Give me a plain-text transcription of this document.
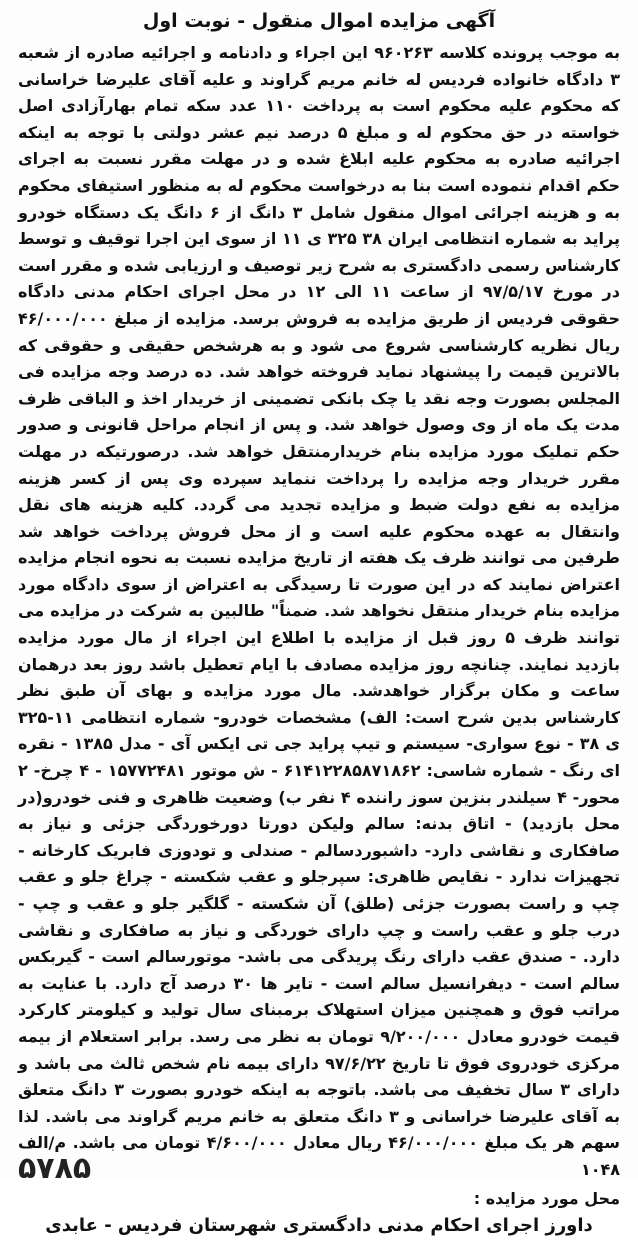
آگهی مزایده اموال منقول - نوبت اول
به موجب پرونده کلاسه ۹۶۰۲۶۳ این اجراء و دادنامه و اجرائیه صادره از شعبه ۳ دادگاه خانواده فردیس له خانم مریم گراوند و علیه آقای علیرضا خراسانی که محکوم علیه محکوم است به پرداخت ۱۱۰ عدد سکه تمام بهارآزادی اصل خواسته در حق محکوم له و مبلغ ۵ درصد نیم عشر دولتی با توجه به اینکه اجرائیه صادره به محکوم علیه ابلاغ شده و در مهلت مقرر نسبت به اجرای حکم اقدام ننموده است بنا به درخواست محکوم له به منظور استیفای محکوم به و هزینه اجرائی اموال منقول شامل ۳ دانگ از ۶ دانگ یک دستگاه خودرو پراید به شماره انتظامی ایران ۳۸ ۳۲۵ ی ۱۱ از سوی این اجرا توقیف و توسط کارشناس رسمی دادگستری به شرح زیر توصیف و ارزیابی شده و مقرر است در مورخ ۹۷/۵/۱۷ از ساعت ۱۱ الی ۱۲ در محل اجرای احکام مدنی دادگاه حقوقی فردیس از طریق مزایده به فروش برسد. مزایده از مبلغ ۴۶/۰۰۰/۰۰۰ ریال نظریه کارشناسی شروع می شود و به هرشخص حقیقی و حقوقی که بالاترین قیمت را پیشنهاد نماید فروخته خواهد شد. ده درصد وجه مزایده فی المجلس بصورت وجه نقد یا چک بانکی تضمینی از خریدار اخذ و الباقی ظرف مدت یک ماه از وی وصول خواهد شد. و پس از انجام مراحل قانونی و صدور حکم تملیک مورد مزایده بنام خریدارمنتقل خواهد شد. درصورتیکه در مهلت مقرر خریدار وجه مزایده را پرداخت ننماید سپرده وی پس از کسر هزینه مزایده به نفع دولت ضبط و مزایده تجدید می گردد. کلیه هزینه های نقل وانتقال به عهده محکوم علیه است و از محل فروش پرداخت خواهد شد طرفین می توانند ظرف یک هفته از تاریخ مزایده نسبت به نحوه انجام مزایده اعتراض نمایند که در این صورت تا رسیدگی به اعتراض از سوی دادگاه مورد مزایده بنام خریدار منتقل نخواهد شد. ضمناً" طالبین به شرکت در مزایده می توانند ظرف ۵ روز قبل از مزایده با اطلاع این اجراء از مال مورد مزایده بازدید نمایند. چنانچه روز مزایده مصادف با ایام تعطیل باشد روز بعد درهمان ساعت و مکان برگزار خواهدشد. مال مورد مزایده و بهای آن طبق نظر کارشناس بدین شرح است: الف) مشخصات خودرو- شماره انتظامی ۱۱-۳۲۵ ی ۳۸ - نوع سواری- سیستم و تیپ پراید جی تی ایکس آی - مدل ۱۳۸۵ - نقره ای رنگ - شماره شاسی: ۶۱۴۱۲۲۸۵۸۷۱۸۶۲ - ش موتور ۱۵۷۷۲۴۸۱ - ۴ چرخ- ۲ محور- ۴ سیلندر بنزین سوز راننده ۴ نفر ب) وضعیت ظاهری و فنی خودرو(در محل بازدید) - اتاق بدنه: سالم ولیکن دورتا دورخوردگی جزئی و نیاز به صافکاری و نقاشی دارد- داشبوردسالم - صندلی و تودوزی فابریک کارخانه - تجهیزات ندارد - نقایص ظاهری: سپرجلو و عقب شکسته - چراغ جلو و عقب چپ و راست بصورت جزئی (طلق) آن شکسته - گلگیر جلو و عقب و چپ - درب جلو و عقب راست و چپ دارای خوردگی و نیاز به صافکاری و نقاشی دارد. - صندق عقب دارای رنگ پریدگی می باشد- موتورسالم است - گیربکس سالم است - دیفرانسیل سالم است - تایر ها ۳۰ درصد آج دارد. با عنایت به مراتب فوق و همچنین میزان استهلاک برمبنای سال تولید و کیلومتر کارکرد قیمت خودرو معادل ۹/۲۰۰/۰۰۰ تومان به نظر می رسد. برابر استعلام از بیمه مرکزی خودروی فوق تا تاریخ ۹۷/۶/۲۲ دارای بیمه نام شخص ثالث می باشد و دارای ۳ سال تخفیف می باشد. باتوجه به اینکه خودرو بصورت ۳ دانگ متعلق به آقای علیرضا خراسانی و ۳ دانگ متعلق به خانم مریم گراوند می باشد. لذا سهم هر یک مبلغ ۴۶/۰۰۰/۰۰۰ ریال معادل ۴/۶۰۰/۰۰۰ تومان می باشد. م/الف ۱۰۴۸
محل مورد مزایده :
داورز اجرای احکام مدنی دادگستری شهرستان فردیس - عابدی
۵۷۸۵
